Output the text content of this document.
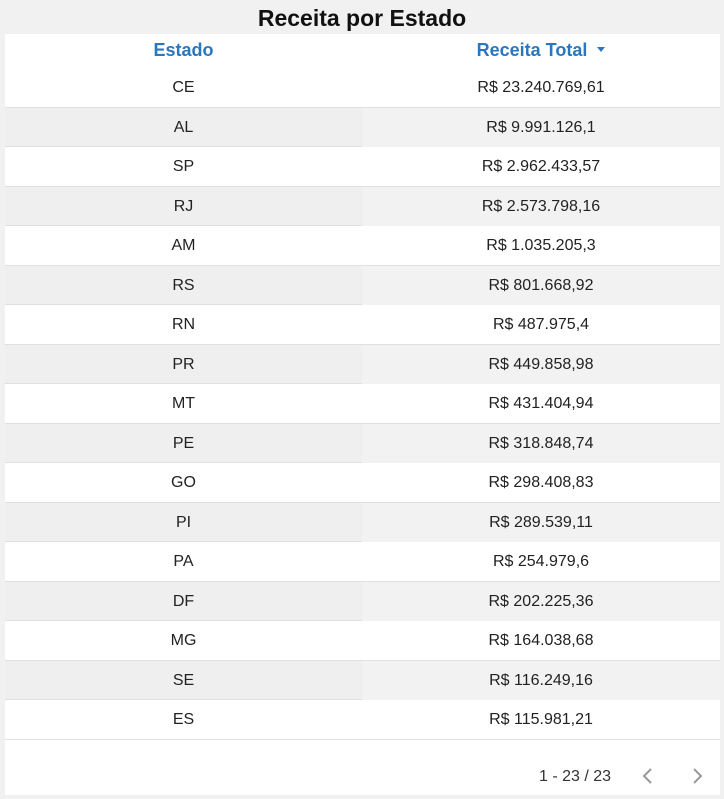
Receita por Estado
Estado	Receita Total
CE	R$ 23.240.769,61
AL	R$ 9.991.126,1
SP	R$ 2.962.433,57
RJ	R$ 2.573.798,16
AM	R$ 1.035.205,3
RS	R$ 801.668,92
RN	R$ 487.975,4
PR	R$ 449.858,98
MT	R$ 431.404,94
PE	R$ 318.848,74
GO	R$ 298.408,83
PI	R$ 289.539,11
PA	R$ 254.979,6
DF	R$ 202.225,36
MG	R$ 164.038,68
SE	R$ 116.249,16
ES	R$ 115.981,21
1 - 23 / 23
